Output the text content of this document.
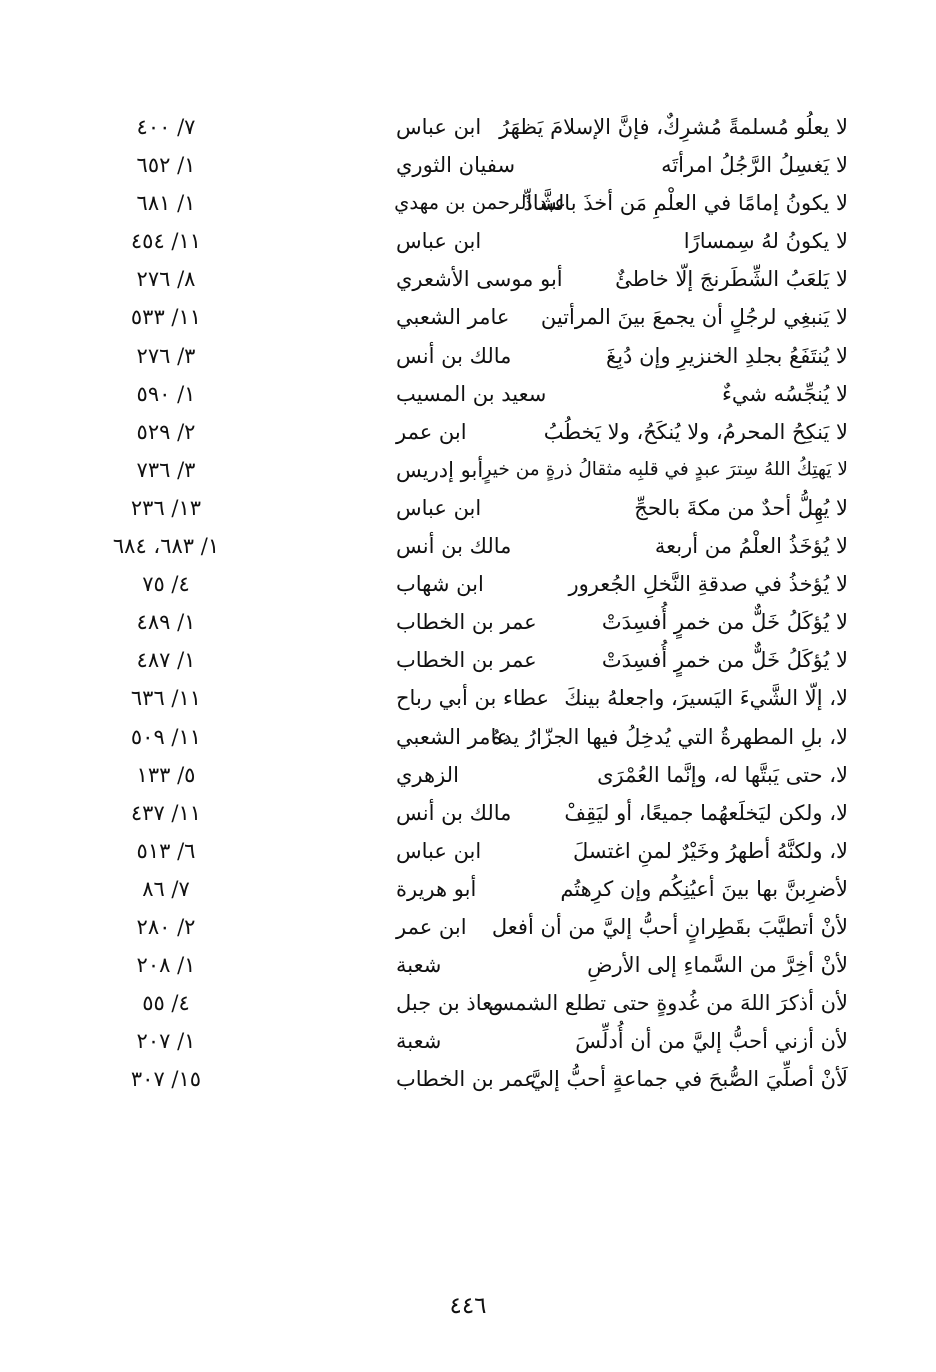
لا يعلُو مُسلمةً مُشرِكٌ، فإنَّ الإسلامَ يَظهَرُ
ابن عباس
٧/ ٤٠٠
لا يَغسِلُ الرَّجُلُ امرأتَه
سفيان الثوري
١/ ٦٥٢
لا يكونُ إمامًا في العلْمِ مَن أخذَ بالشَّاذِّ
عبد الرحمن بن مهدي
١/ ٦٨١
لا يكونُ لهُ سِمسارًا
ابن عباس
١١/ ٤٥٤
لا يَلعَبُ الشِّطَرنجَ إلّا خاطئٌ
أبو موسى الأشعري
٨/ ٢٧٦
لا يَنبغِي لرجُلٍ أن يجمعَ بينَ المرأتين
عامر الشعبي
١١/ ٥٣٣
لا يُنتَفَعُ بجلدِ الخنزيرِ وإن دُبِغَ
مالك بن أنس
٣/ ٢٧٦
لا يُنجِّسُه شيءٌ
سعيد بن المسيب
١/ ٥٩٠
لا يَنكِحُ المحرمُ، ولا يُنكَحُ، ولا يَخطُبُ
ابن عمر
٢/ ٥٢٩
لا يَهتِكُ اللهُ سِترَ عبدٍ في قلبِه مثقالُ ذرةٍ من خيرٍ
أبو إدريس
٣/ ٧٣٦
لا يُهِلُّ أحدٌ من مكةَ بالحجِّ
ابن عباس
١٣/ ٢٣٦
لا يُؤخَذُ العلْمُ من أربعة
مالك بن أنس
١/ ٦٨٣، ٦٨٤
لا يُؤخذُ في صدقةِ النَّخلِ الجُعرور
ابن شهاب
٤/ ٧٥
لا يُؤكَلُ خَلٌّ من خمرٍ أُفسِدَتْ
عمر بن الخطاب
١/ ٤٨٩
لا يُؤكَلُ خَلٌّ من خمرٍ أُفسِدَتْ
عمر بن الخطاب
١/ ٤٨٧
لا، إلّا الشَّيءَ اليَسيرَ، واجعلهُ بينكَ
عطاء بن أبي رباح
١١/ ٦٣٦
لا، بلِ المطهرةُ التي يُدخِلُ فيها الجزّارُ يدهُ
عامر الشعبي
١١/ ٥٠٩
لا، حتى يَبتَّها له، وإنَّما العُمْرَى
الزهري
٥/ ١٣٣
لا، ولكن ليَخلَعهُما جميعًا، أو ليَقِفْ
مالك بن أنس
١١/ ٤٣٧
لا، ولكنَّهُ أطهرُ وخَيْرٌ لمنِ اغتسلَ
ابن عباس
٦/ ٥١٣
لأضرِبنَّ بها بينَ أعيُنِكُم وإن كرِهتُم
أبو هريرة
٧/ ٨٦
لأنْ أتطيَّبَ بقَطِرانٍ أحبُّ إليَّ من أن أفعل
ابن عمر
٢/ ٢٨٠
لأنْ أخِرَّ من السَّماءِ إلى الأرضِ
شعبة
١/ ٢٠٨
لأن أذكرَ اللهَ من غُدوةٍ حتى تطلع الشمس
معاذ بن جبل
٤/ ٥٥
لأن أزني أحبُّ إليَّ من أن أُدلِّسَ
شعبة
١/ ٢٠٧
لَأنْ أصلِّيَ الصُّبحَ في جماعةٍ أحبُّ إليَّ
عمر بن الخطاب
١٥/ ٣٠٧
٤٤٦
